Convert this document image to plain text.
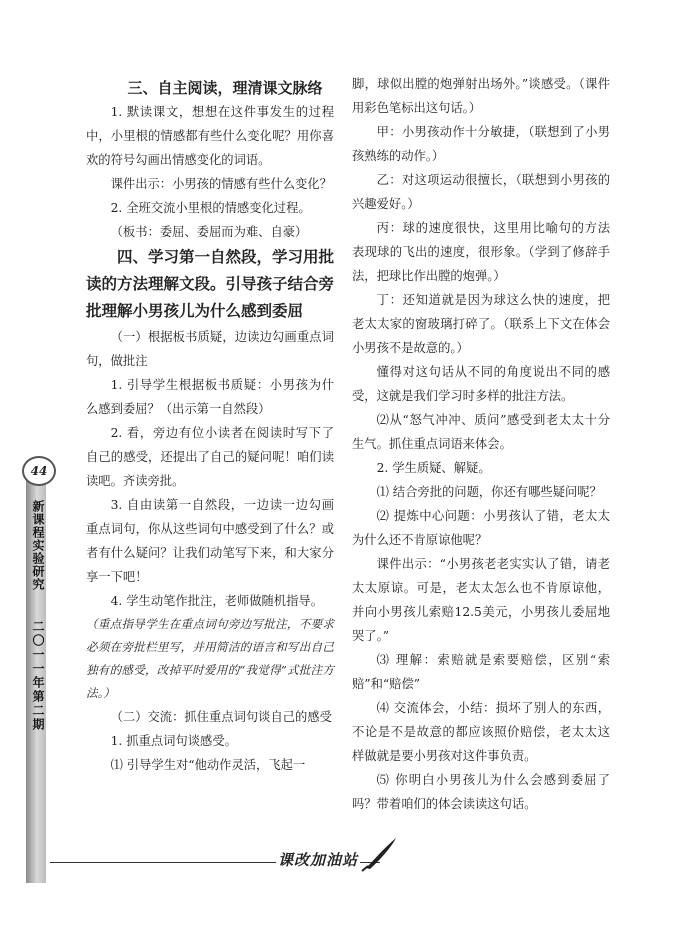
44
新课程实验研究
二〇一一年第二期

三、自主阅读，理清课文脉络

1. 默读课文，想想在这件事发生的过程中，小里根的情感都有些什么变化呢？用你喜欢的符号勾画出情感变化的词语。

课件出示：小男孩的情感有些什么变化？

2. 全班交流小里根的情感变化过程。

（板书：委屈、委屈而为难、自豪）

四、学习第一自然段，学习用批读的方法理解文段。引导孩子结合旁批理解小男孩儿为什么感到委屈

（一）根据板书质疑，边读边勾画重点词句，做批注

1. 引导学生根据板书质疑：小男孩为什么感到委屈？（出示第一自然段）

2. 看，旁边有位小读者在阅读时写下了自己的感受，还提出了自己的疑问呢！咱们读读吧。齐读旁批。

3. 自由读第一自然段，一边读一边勾画重点词句，你从这些词句中感受到了什么？或者有什么疑问？让我们动笔写下来，和大家分享一下吧！

4. 学生动笔作批注，老师做随机指导。

（重点指导学生在重点词句旁边写批注，不要求必须在旁批栏里写，并用简洁的语言和写出自己独有的感受，改掉平时爱用的“我觉得”式批注方法。）

（二）交流：抓住重点词句谈自己的感受

1. 抓重点词句谈感受。

⑴ 引导学生对“他动作灵活，飞起一

脚，球似出膛的炮弹射出场外。”谈感受。（课件用彩色笔标出这句话。）

甲：小男孩动作十分敏捷，（联想到了小男孩熟练的动作。）

乙：对这项运动很擅长，（联想到小男孩的兴趣爱好。）

丙：球的速度很快，这里用比喻句的方法表现球的飞出的速度，很形象。（学到了修辞手法，把球比作出膛的炮弹。）

丁：还知道就是因为球这么快的速度，把老太太家的窗玻璃打碎了。（联系上下文在体会小男孩不是故意的。）

懂得对这句话从不同的角度说出不同的感受，这就是我们学习时多样的批注方法。

⑵从“怒气冲冲、质问”感受到老太太十分生气。抓住重点词语来体会。

2. 学生质疑、解疑。

⑴ 结合旁批的问题，你还有哪些疑问呢？

⑵ 提炼中心问题：小男孩认了错，老太太为什么还不肯原谅他呢？

课件出示：“小男孩老老实实认了错，请老太太原谅。可是，老太太怎么也不肯原谅他，并向小男孩儿索赔12.5美元，小男孩儿委屈地哭了。”

⑶ 理解：索赔就是索要赔偿，区别“索赔”和“赔偿”

⑷ 交流体会，小结：损坏了别人的东西，不论是不是故意的都应该照价赔偿，老太太这样做就是要小男孩对这件事负责。

⑸ 你明白小男孩儿为什么会感到委屈了吗？带着咱们的体会读读这句话。

课改加油站
